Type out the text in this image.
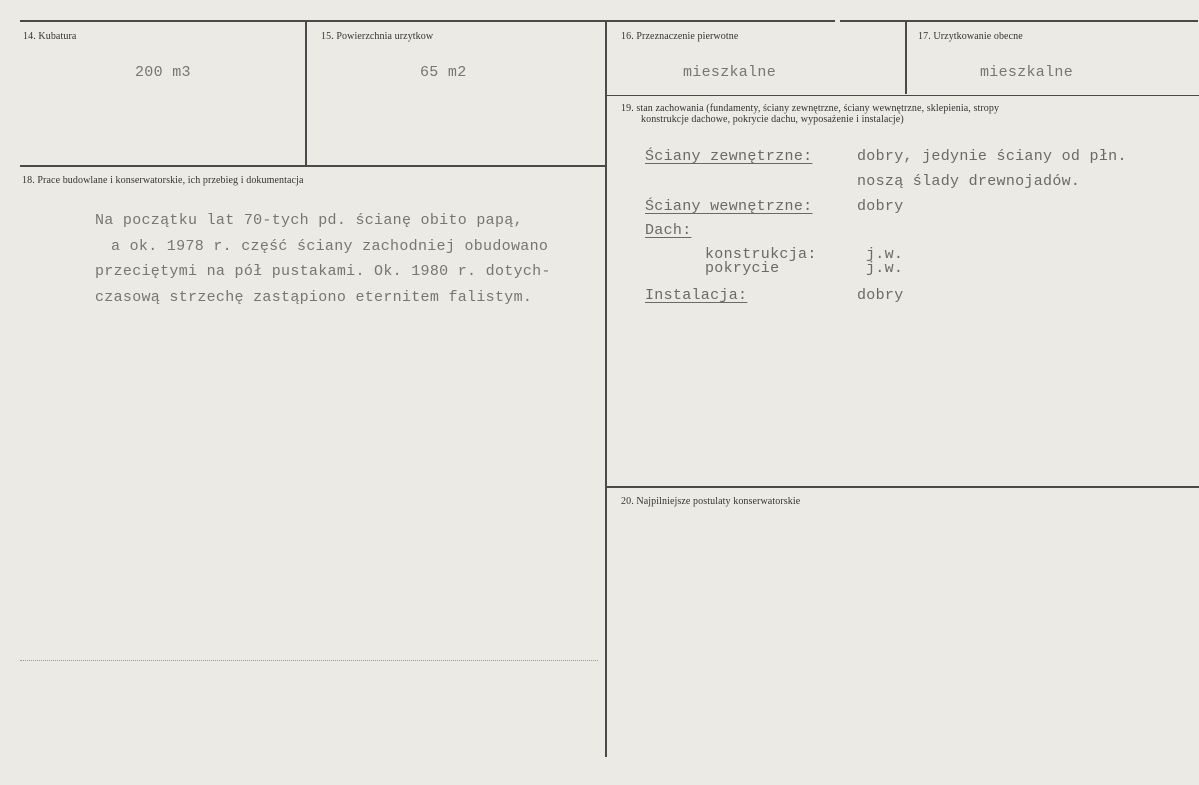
14. Kubatura
200 m3
15. Powierzchnia urzytkow
65 m2
16. Przeznaczenie pierwotne
mieszkalne
17. Urzytkowanie obecne
mieszkalne
18. Prace budowlane i konserwatorskie, ich przebieg i dokumentacja
Na początku lat 70-tych pd. ścianę obito papą,
a ok. 1978 r. część ściany zachodniej obudowano
przeciętymi na pół pustakami. Ok. 1980 r. dotych-
czasową strzechę zastąpiono eternitem falistym.
19. stan zachowania (fundamenty, ściany zewnętrzne, ściany wewnętrzne, sklepienia, stropy
konstrukcje dachowe, pokrycie dachu, wyposażenie i instalacje)
Ściany zewnętrzne:	dobry, jedynie ściany od płn.
noszą ślady drewnojadów.
Ściany wewnętrzne:	dobry
Dach:
konstrukcja:	j.w.
pokrycie	j.w.
Instalacja:	dobry
20. Najpilniejsze postulaty konserwatorskie
